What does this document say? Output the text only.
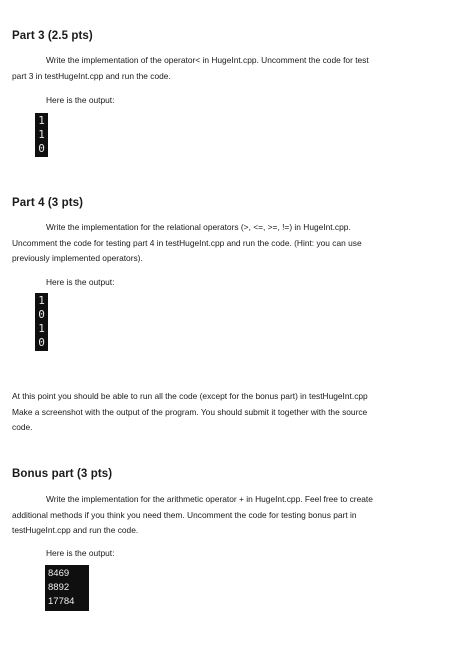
Part 3 (2.5 pts)
Write the implementation of the operator< in HugeInt.cpp. Uncomment the code for test
part 3 in testHugeInt.cpp and run the code.
Here is the output:
1
1
0
Part 4 (3 pts)
Write the implementation for the relational operators (>, <=, >=, !=) in HugeInt.cpp.
Uncomment the code for testing part 4 in testHugeInt.cpp and run the code. (Hint: you can use
previously implemented operators).
Here is the output:
1
0
1
0
At this point you should be able to run all the code (except for the bonus part) in testHugeInt.cpp
Make a screenshot with the output of the program. You should submit it together with the source
code.
Bonus part (3 pts)
Write the implementation for the arithmetic operator + in HugeInt.cpp. Feel free to create
additional methods if you think you need them. Uncomment the code for testing bonus part in
testHugeInt.cpp and run the code.
Here is the output:
8469
8892
17784
